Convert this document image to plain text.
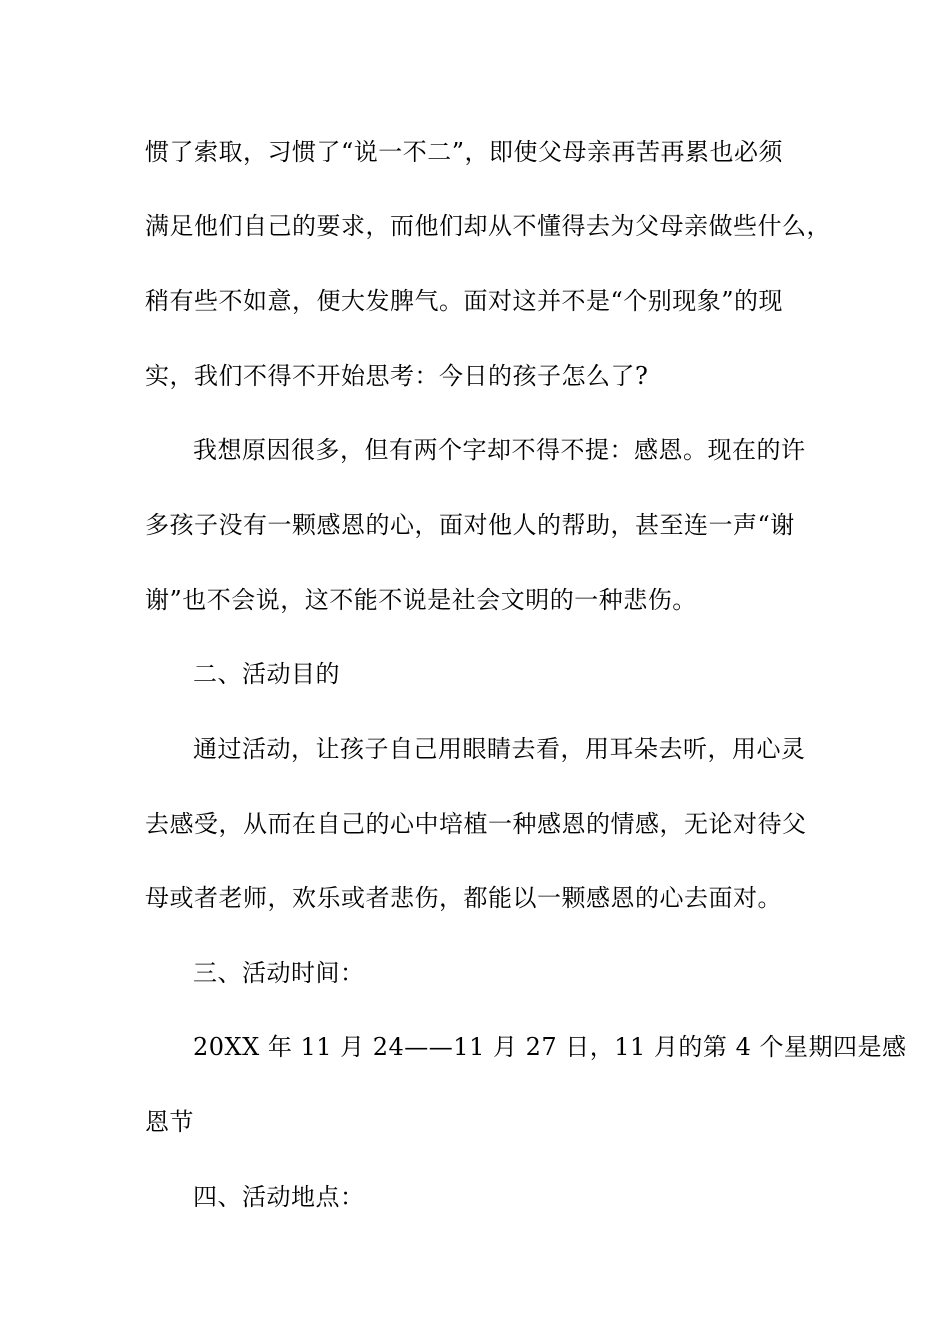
惯了索取，习惯了“说一不二”，即使父母亲再苦再累也必须
满足他们自己的要求，而他们却从不懂得去为父母亲做些什么，
稍有些不如意，便大发脾气。面对这并不是“个别现象”的现
实，我们不得不开始思考：今日的孩子怎么了?
我想原因很多，但有两个字却不得不提：感恩。现在的许
多孩子没有一颗感恩的心，面对他人的帮助，甚至连一声“谢
谢”也不会说，这不能不说是社会文明的一种悲伤。
二、活动目的
通过活动，让孩子自己用眼睛去看，用耳朵去听，用心灵
去感受，从而在自己的心中培植一种感恩的情感，无论对待父
母或者老师，欢乐或者悲伤，都能以一颗感恩的心去面对。
三、活动时间：
20XX 年 11 月 24——11 月 27 日，11 月的第 4 个星期四是感
恩节
四、活动地点：
